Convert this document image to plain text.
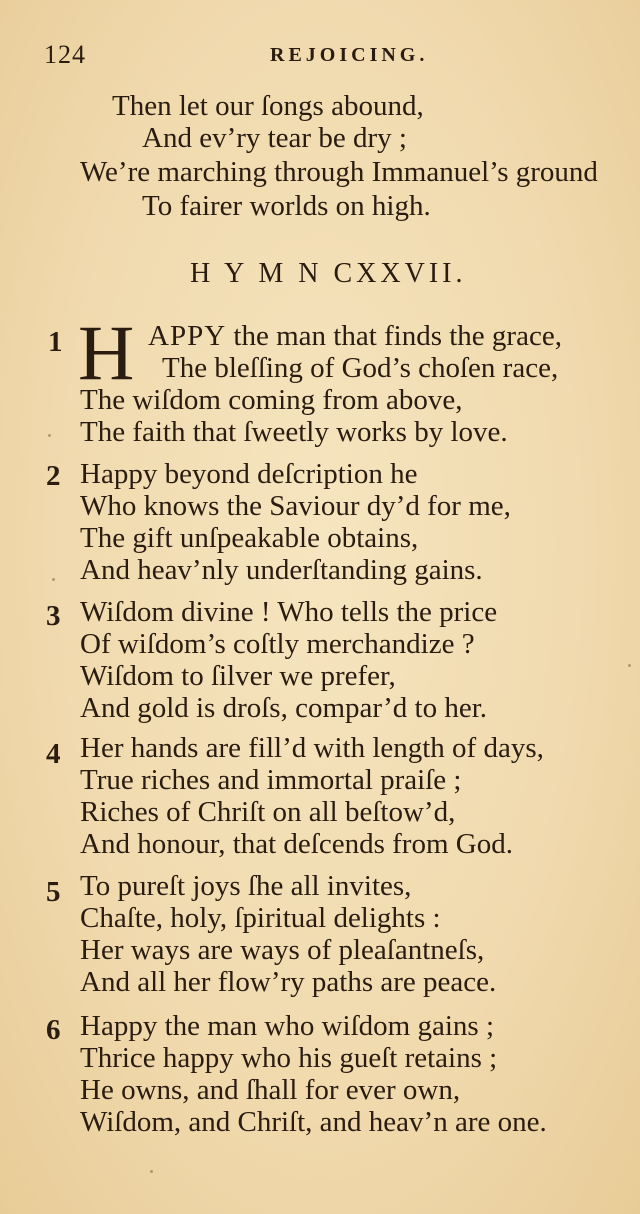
124	REJOICING.
Then let our ſongs abound,
And ev’ry tear be dry ;
We’re marching through Immanuel’s ground
To fairer worlds on high.
H Y M N CXXVII.
1 H APPY the man that finds the grace,
The bleſſing of God’s choſen race,
The wiſdom coming from above,
The faith that ſweetly works by love.
2 Happy beyond deſcription he
Who knows the Saviour dy’d for me,
The gift unſpeakable obtains,
And heav’nly underſtanding gains.
3 Wiſdom divine ! Who tells the price
Of wiſdom’s coſtly merchandize ?
Wiſdom to ſilver we prefer,
And gold is droſs, compar’d to her.
4 Her hands are fill’d with length of days,
True riches and immortal praiſe ;
Riches of Chriſt on all beſtow’d,
And honour, that deſcends from God.
5 To pureſt joys ſhe all invites,
Chaſte, holy, ſpiritual delights :
Her ways are ways of pleaſantneſs,
And all her flow’ry paths are peace.
6 Happy the man who wiſdom gains ;
Thrice happy who his gueſt retains ;
He owns, and ſhall for ever own,
Wiſdom, and Chriſt, and heav’n are one.
